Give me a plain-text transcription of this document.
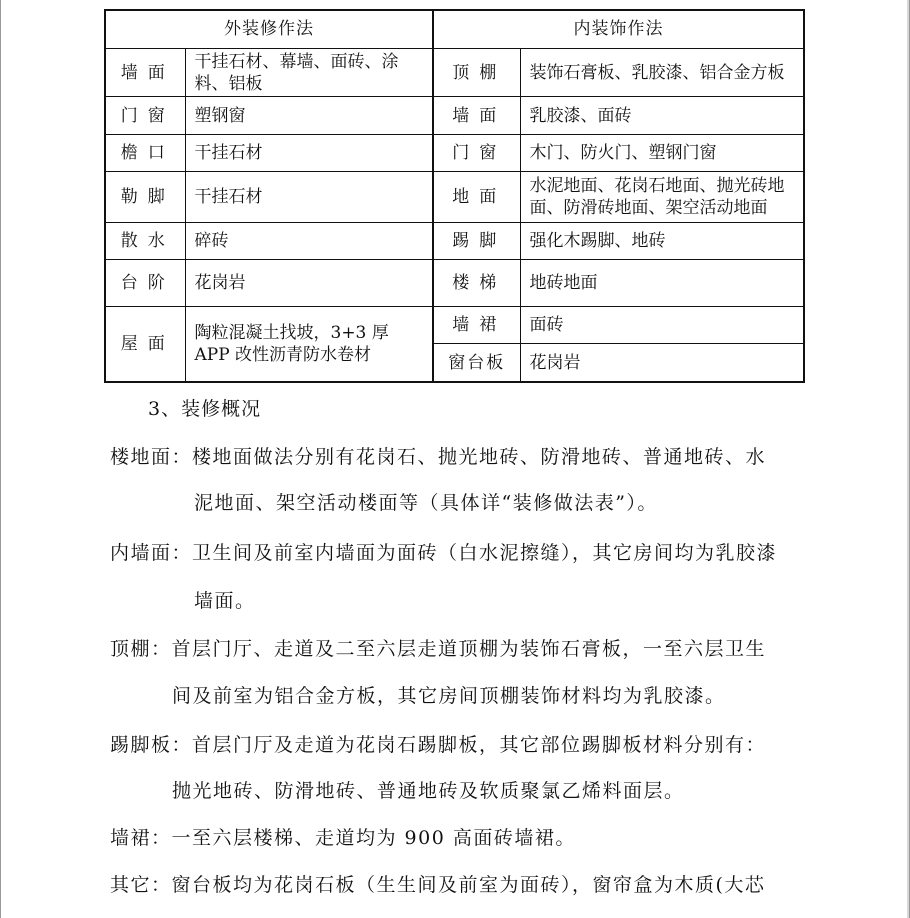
外装修作法		内装饰作法	
墙面	干挂石材、幕墙、面砖、涂料、铝板	顶棚	装饰石膏板、乳胶漆、铝合金方板
门窗	塑钢窗	墙面	乳胶漆、面砖
檐口	干挂石材	门窗	木门、防火门、塑钢门窗
勒脚	干挂石材	地面	水泥地面、花岗石地面、抛光砖地面、防滑砖地面、架空活动地面
散水	碎砖	踢脚	强化木踢脚、地砖
台阶	花岗岩	楼梯	地砖地面
屋面	陶粒混凝土找坡，3+3 厚 APP 改性沥青防水卷材	墙裙	面砖
		窗台板	花岗岩
3、装修概况
楼地面：楼地面做法分别有花岗石、抛光地砖、防滑地砖、普通地砖、水
泥地面、架空活动楼面等（具体详“装修做法表”）。
内墙面：卫生间及前室内墙面为面砖（白水泥擦缝），其它房间均为乳胶漆
墙面。
顶棚：首层门厅、走道及二至六层走道顶棚为装饰石膏板，一至六层卫生
间及前室为铝合金方板，其它房间顶棚装饰材料均为乳胶漆。
踢脚板：首层门厅及走道为花岗石踢脚板，其它部位踢脚板材料分别有：
抛光地砖、防滑地砖、普通地砖及软质聚氯乙烯料面层。
墙裙：一至六层楼梯、走道均为 900 高面砖墙裙。
其它：窗台板均为花岗石板（生生间及前室为面砖），窗帘盒为木质(大芯
